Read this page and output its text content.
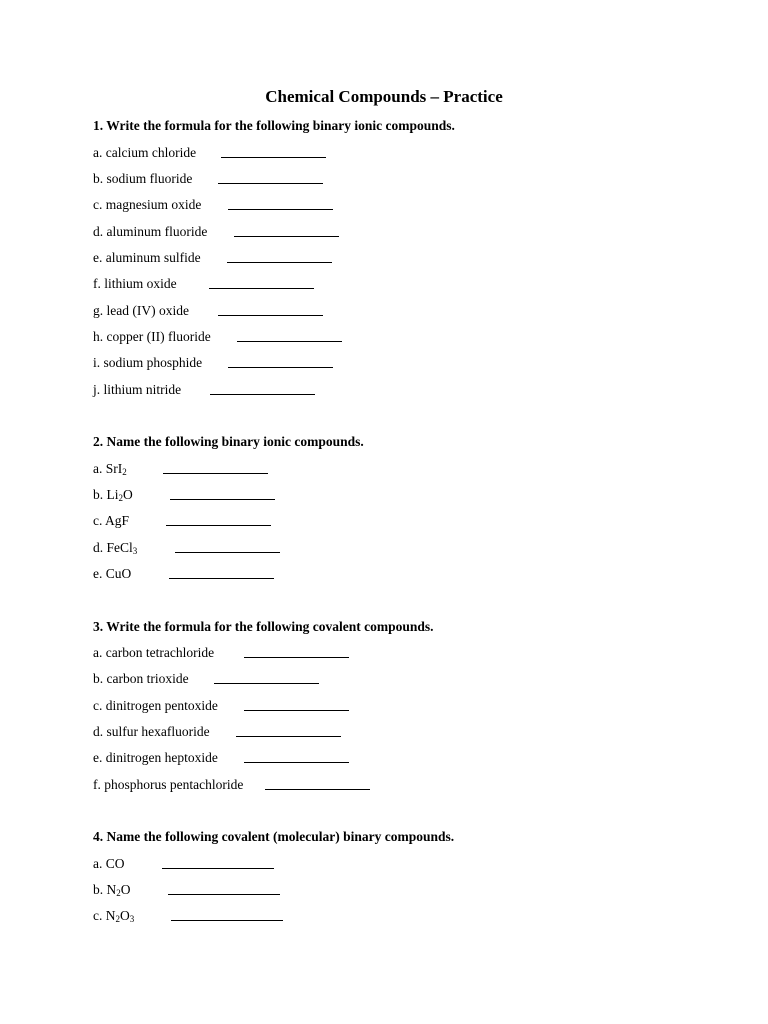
Chemical Compounds – Practice
1. Write the formula for the following binary ionic compounds.
a. calcium chloride
b. sodium fluoride
c. magnesium oxide
d. aluminum fluoride
e. aluminum sulfide
f. lithium oxide
g. lead (IV) oxide
h. copper (II) fluoride
i. sodium phosphide
j. lithium nitride
2. Name the following binary ionic compounds.
a. SrI$_2$
b. $Li_2O$
c. AgF
d. FeCl$_3$
e. CuO
3. Write the formula for the following covalent compounds.
a. carbon tetrachloride
b. carbon trioxide
c. dinitrogen pentoxide
d. sulfur hexafluoride
e. dinitrogen heptoxide
f. phosphorus pentachloride
4. Name the following covalent (molecular) binary compounds.
a. CO
b. $N_2O$
c. $N_2O_3$
